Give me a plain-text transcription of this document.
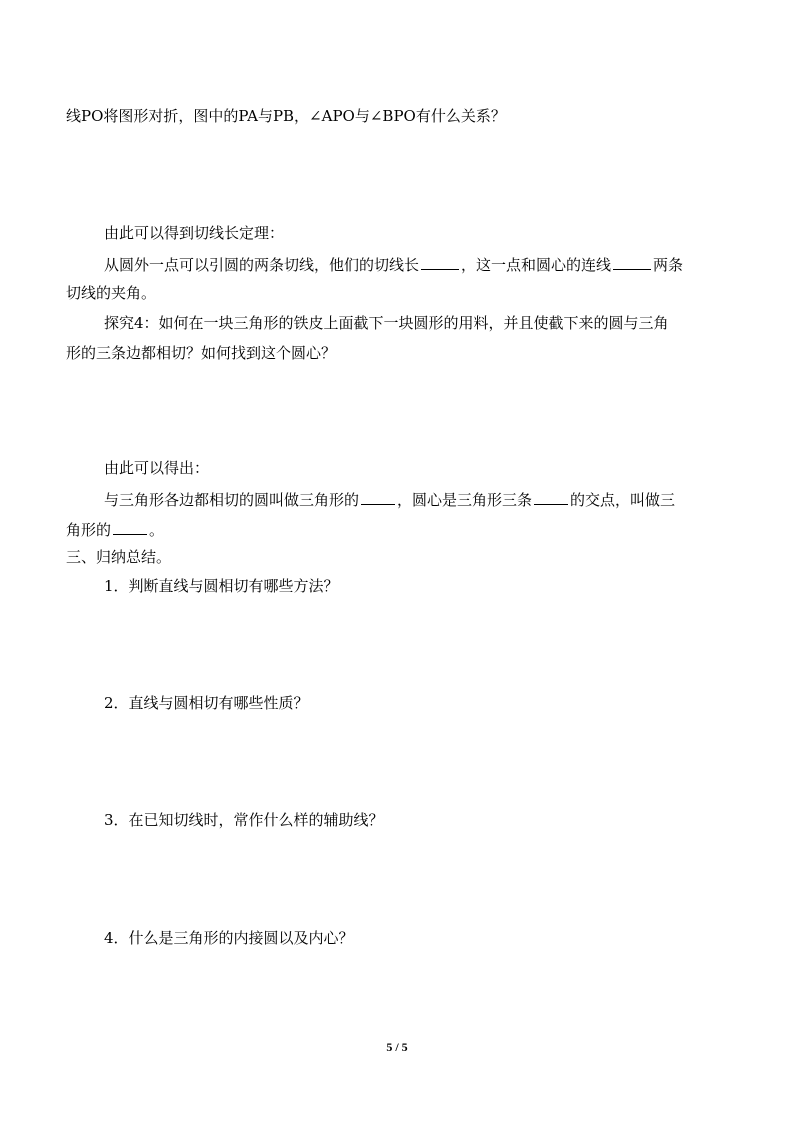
线PO将图形对折，图中的PA与PB，∠APO与∠BPO有什么关系？
由此可以得到切线长定理：
从圆外一点可以引圆的两条切线，他们的切线长	，这一点和圆心的连线	两条
切线的夹角。
探究4：如何在一块三角形的铁皮上面截下一块圆形的用料，并且使截下来的圆与三角
形的三条边都相切？如何找到这个圆心？
由此可以得出：
与三角形各边都相切的圆叫做三角形的	，圆心是三角形三条	的交点，叫做三
角形的	。
三、归纳总结。
1．判断直线与圆相切有哪些方法？
2．直线与圆相切有哪些性质？
3．在已知切线时，常作什么样的辅助线？
4．什么是三角形的内接圆以及内心？
5 / 5
